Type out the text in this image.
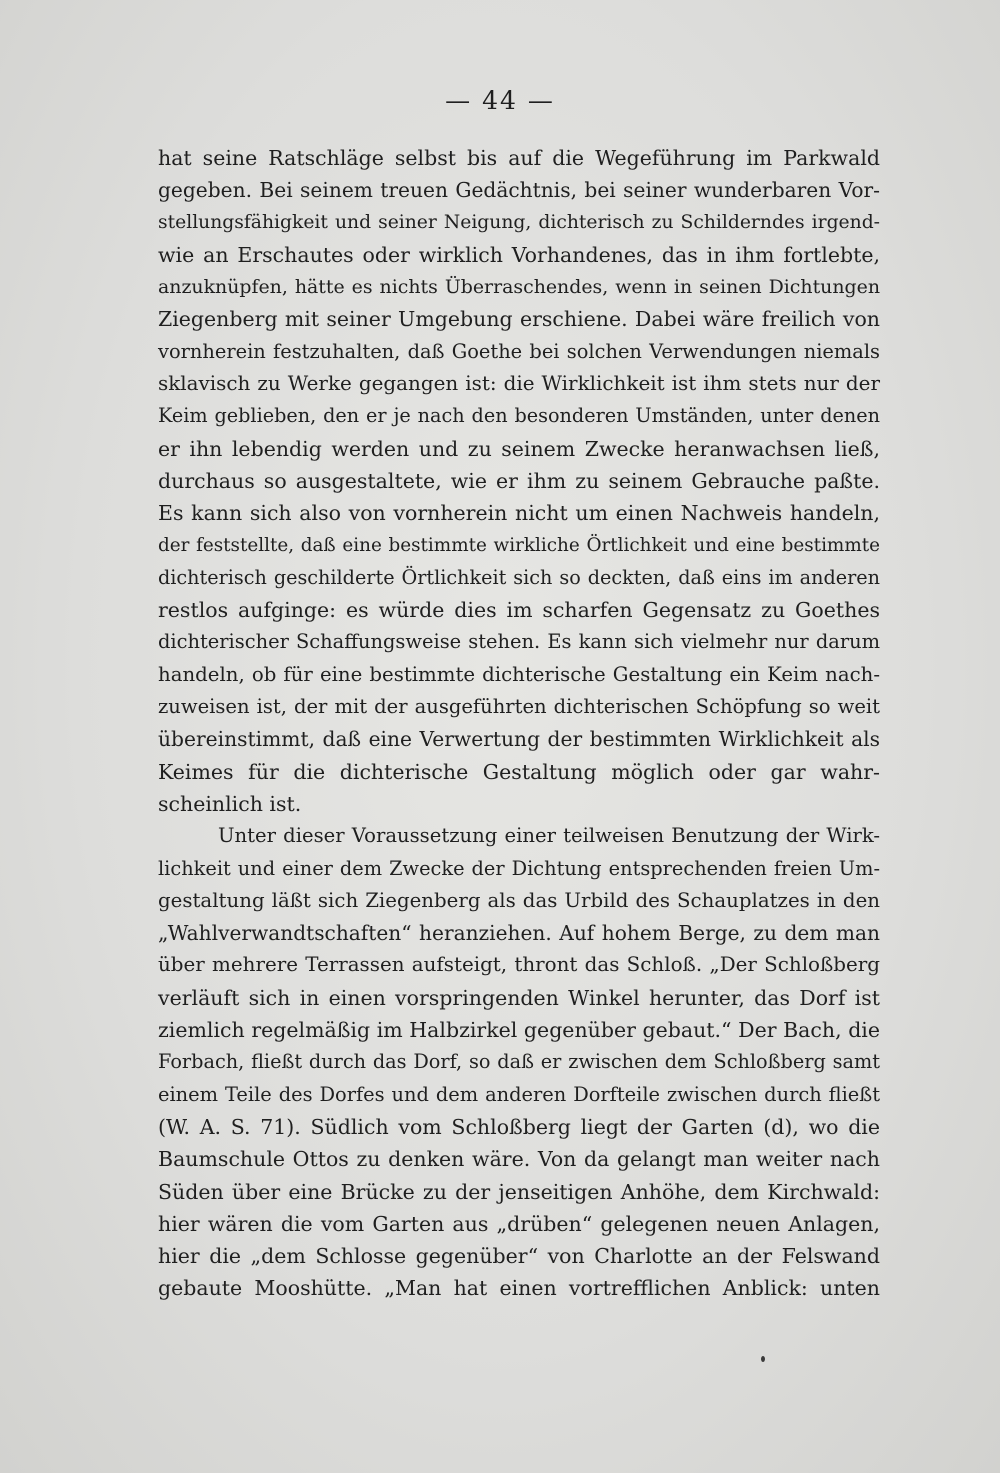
— 44 —
hat seine Ratschläge selbst bis auf die Wegeführung im Parkwald
gegeben. Bei seinem treuen Gedächtnis, bei seiner wunderbaren Vor-
stellungsfähigkeit und seiner Neigung, dichterisch zu Schilderndes irgend-
wie an Erschautes oder wirklich Vorhandenes, das in ihm fortlebte,
anzuknüpfen, hätte es nichts Überraschendes, wenn in seinen Dichtungen
Ziegenberg mit seiner Umgebung erschiene. Dabei wäre freilich von
vornherein festzuhalten, daß Goethe bei solchen Verwendungen niemals
sklavisch zu Werke gegangen ist: die Wirklichkeit ist ihm stets nur der
Keim geblieben, den er je nach den besonderen Umständen, unter denen
er ihn lebendig werden und zu seinem Zwecke heranwachsen ließ,
durchaus so ausgestaltete, wie er ihm zu seinem Gebrauche paßte.
Es kann sich also von vornherein nicht um einen Nachweis handeln,
der feststellte, daß eine bestimmte wirkliche Örtlichkeit und eine bestimmte
dichterisch geschilderte Örtlichkeit sich so deckten, daß eins im anderen
restlos aufginge: es würde dies im scharfen Gegensatz zu Goethes
dichterischer Schaffungsweise stehen. Es kann sich vielmehr nur darum
handeln, ob für eine bestimmte dichterische Gestaltung ein Keim nach-
zuweisen ist, der mit der ausgeführten dichterischen Schöpfung so weit
übereinstimmt, daß eine Verwertung der bestimmten Wirklichkeit als
Keimes für die dichterische Gestaltung möglich oder gar wahr-
scheinlich ist.
Unter dieser Voraussetzung einer teilweisen Benutzung der Wirk-
lichkeit und einer dem Zwecke der Dichtung entsprechenden freien Um-
gestaltung läßt sich Ziegenberg als das Urbild des Schauplatzes in den
„Wahlverwandtschaften“ heranziehen. Auf hohem Berge, zu dem man
über mehrere Terrassen aufsteigt, thront das Schloß. „Der Schloßberg
verläuft sich in einen vorspringenden Winkel herunter, das Dorf ist
ziemlich regelmäßig im Halbzirkel gegenüber gebaut.“ Der Bach, die
Forbach, fließt durch das Dorf, so daß er zwischen dem Schloßberg samt
einem Teile des Dorfes und dem anderen Dorfteile zwischen durch fließt
(W. A. S. 71). Südlich vom Schloßberg liegt der Garten (d), wo die
Baumschule Ottos zu denken wäre. Von da gelangt man weiter nach
Süden über eine Brücke zu der jenseitigen Anhöhe, dem Kirchwald:
hier wären die vom Garten aus „drüben“ gelegenen neuen Anlagen,
hier die „dem Schlosse gegenüber“ von Charlotte an der Felswand
gebaute Mooshütte. „Man hat einen vortrefflichen Anblick: unten
